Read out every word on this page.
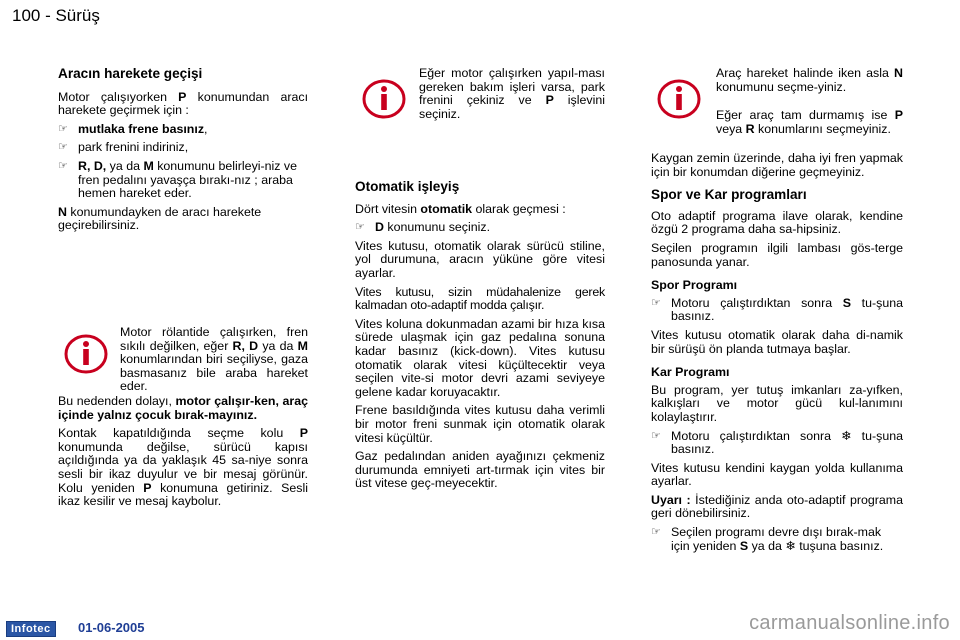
100 - Sürüş

Aracın harekete geçişi

Motor çalışıyorken P konumundan aracı harekete geçirmek için :

☞ mutlaka frene basınız,
☞ park frenini indiriniz,
☞ R, D, ya da M konumunu belirleyi-niz ve fren pedalını yavaşça bırakı-nız ; araba hemen hareket eder.

N konumundayken de aracı harekete geçirebilirsiniz.

Motor rölantide çalışırken, fren sıkılı değilken, eğer R, D ya da M konumlarından biri seçiliyse, gaza basmasanız bile araba hareket eder.

Bu nedenden dolayı, motor çalışır-ken, araç içinde yalnız çocuk bırak-mayınız.

Kontak kapatıldığında seçme kolu P konumunda değilse, sürücü kapısı açıldığında ya da yaklaşık 45 sa-niye sonra sesli bir ikaz duyulur ve bir mesaj görünür. Kolu yeniden P konumuna getiriniz. Sesli ikaz kesilir ve mesaj kaybolur.

Eğer motor çalışırken yapıl-ması gereken bakım işleri varsa, park frenini çekiniz ve P işlevini seçiniz.

Otomatik işleyiş

Dört vitesin otomatik olarak geçmesi :

☞ D konumunu seçiniz.

Vites kutusu, otomatik olarak sürücü stiline, yol durumuna, aracın yüküne göre vitesi ayarlar.

Vites kutusu, sizin müdahalenize gerek kalmadan oto-adaptif modda çalışır.

Vites koluna dokunmadan azami bir hıza kısa sürede ulaşmak için gaz pedalına sonuna kadar basınız (kick-down). Vites kutusu otomatik olarak vitesi küçültecektir veya seçilen vite-si motor devri azami seviyeye gelene kadar koruyacaktır.

Frene basıldığında vites kutusu daha verimli bir motor freni sunmak için otomatik olarak vitesi küçültür.

Gaz pedalından aniden ayağınızı çekmeniz durumunda emniyeti art-tırmak için vites bir üst vitese geç-meyecektir.

Araç hareket halinde iken asla N konumunu seçme-yiniz.
Eğer araç tam durmamış ise P veya R konumlarını seçmeyiniz.

Kaygan zemin üzerinde, daha iyi fren yapmak için bir konumdan diğerine geçmeyiniz.

Spor ve Kar programları

Oto adaptif programa ilave olarak, kendine özgü 2 programa daha sa-hipsiniz.

Seçilen programın ilgili lambası gös-terge panosunda yanar.

Spor Programı

☞ Motoru çalıştırdıktan sonra S tu-şuna basınız.

Vites kutusu otomatik olarak daha di-namik bir sürüşü ön planda tutmaya başlar.

Kar Programı

Bu program, yer tutuş imkanları za-yıfken, kalkışları ve motor gücü kul-lanımını kolaylaştırır.

☞ Motoru çalıştırdıktan sonra ❄ tu-şuna basınız.

Vites kutusu kendini kaygan yolda kullanıma ayarlar.

Uyarı : İstediğiniz anda oto-adaptif programa geri dönebilirsiniz.

☞ Seçilen programı devre dışı bırak-mak için yeniden S ya da ❄ tuşuna basınız.
Infotec	01-06-2005	carmanualsonline.info
